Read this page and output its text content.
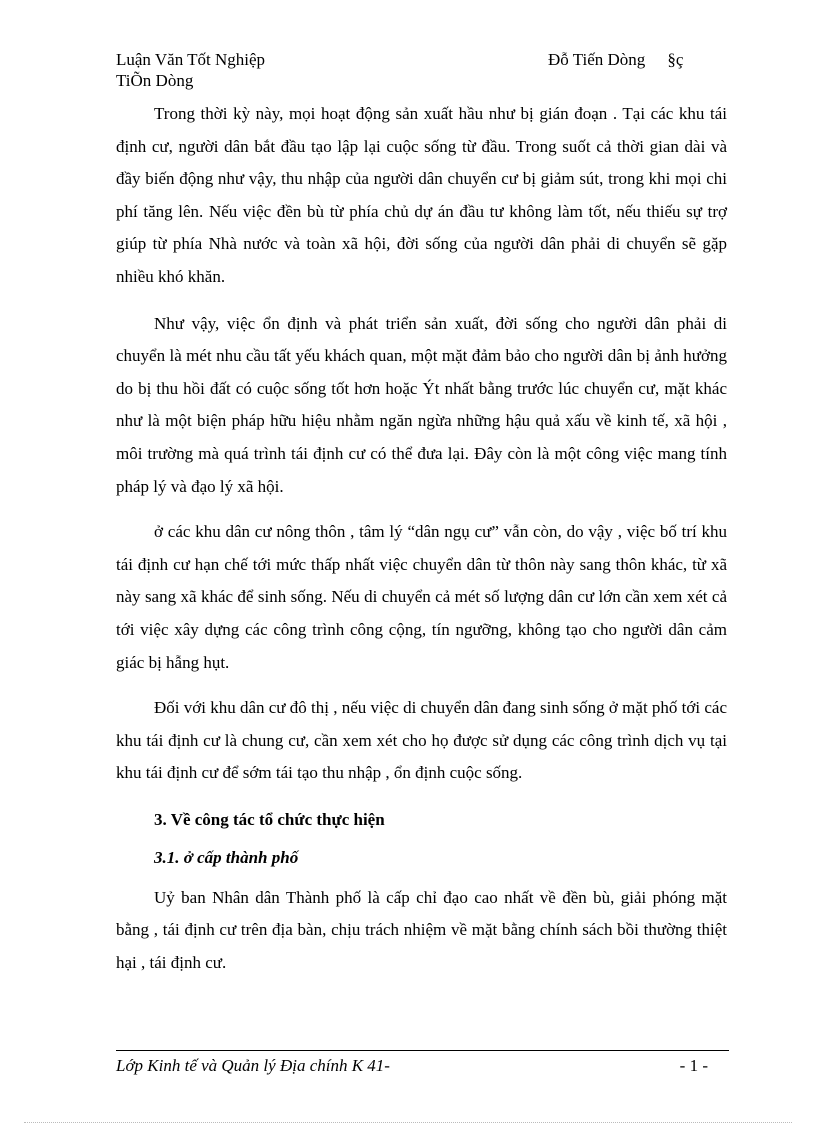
Luận Văn Tốt Nghiệp	Đỗ Tiến Dòng §ç
TiÕn Dòng

Trong thời kỳ này, mọi hoạt động sản xuất hầu như bị gián đoạn . Tại các khu tái định cư, người dân bắt đầu tạo lập lại cuộc sống từ đầu. Trong suốt cả thời gian dài và đầy biến động như vậy, thu nhập của người dân chuyển cư bị giảm sút, trong khi mọi chi phí tăng lên. Nếu việc đền bù từ phía chủ dự án đầu tư không làm tốt, nếu thiếu sự trợ giúp từ phía Nhà nước và toàn xã hội, đời sống của người dân phải di chuyển sẽ gặp nhiều khó khăn.

Như vậy, việc ổn định và phát triển sản xuất, đời sống cho người dân phải di chuyển là mét nhu cầu tất yếu khách quan, một mặt đảm bảo cho người dân bị ảnh hưởng do bị thu hồi đất có cuộc sống tốt hơn hoặc Ýt nhất bằng trước lúc chuyển cư, mặt khác như là một biện pháp hữu hiệu nhằm ngăn ngừa những hậu quả xấu về kinh tế, xã hội , môi trường mà quá trình tái định cư có thể đưa lại. Đây còn là một công việc mang tính pháp lý và đạo lý xã hội.

ở các khu dân cư nông thôn , tâm lý “dân ngụ cư” vẫn còn, do vậy , việc bố trí khu tái định cư hạn chế tới mức thấp nhất việc chuyển dân từ thôn này sang thôn khác, từ xã này sang xã khác để sinh sống. Nếu di chuyển cả mét số lượng dân cư lớn cần xem xét cả tới việc xây dựng các công trình công cộng, tín ngưỡng, không tạo cho người dân cảm giác bị hẫng hụt.

Đối với khu dân cư đô thị , nếu việc di chuyển dân đang sinh sống ở mặt phố tới các khu tái định cư là chung cư, cần xem xét cho họ được sử dụng các công trình dịch vụ tại khu tái định cư để sớm tái tạo thu nhập , ổn định cuộc sống.

3. Về công tác tổ chức thực hiện
3.1. ở cấp thành phố

Uỷ ban Nhân dân Thành phố là cấp chỉ đạo cao nhất về đền bù, giải phóng mặt bằng , tái định cư trên địa bàn, chịu trách nhiệm về mặt bằng chính sách bồi thường thiệt hại , tái định cư.

Lớp Kinh tế và Quản lý Địa chính K 41-	- 1 -
